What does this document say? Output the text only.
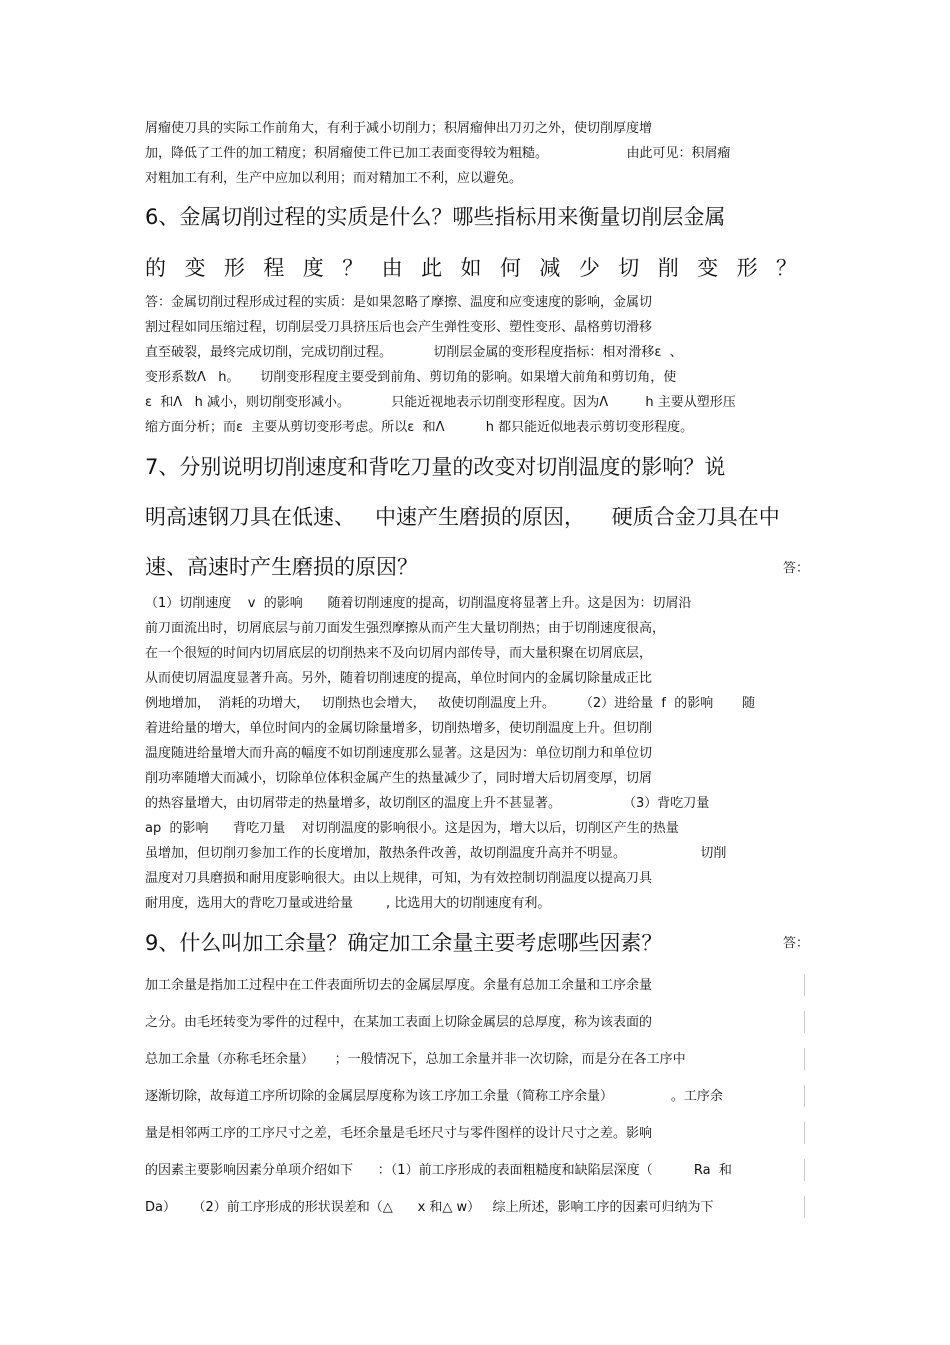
屑瘤使刀具的实际工作前角大，有利于减小切削力；积屑瘤伸出刀刃之外，使切削厚度增
加，降低了工件的加工精度；积屑瘤使工件已加工表面变得较为粗糙。                   由此可见：积屑瘤
对粗加工有利，生产中应加以利用；而对精加工不利，应以避免。
6、金属切削过程的实质是什么？哪些指标用来衡量切削层金属
的 变 形 程 度 ？ 由 此 如 何 减 少 切 削 变 形 ？
答：金属切削过程形成过程的实质：是如果忽略了摩擦、温度和应变速度的影响，金属切
割过程如同压缩过程，切削层受刀具挤压后也会产生弹性变形、塑性变形、晶格剪切滑移
直至破裂，最终完成切削，完成切削过程。          切削层金属的变形程度指标：相对滑移ε  、
变形系数Λ   h。     切削变形程度主要受到前角、剪切角的影响。如果增大前角和剪切角，使
ε  和Λ   h 减小，则切削变形减小。          只能近视地表示切削变形程度。因为Λ         h 主要从塑形压
缩方面分析；而ε  主要从剪切变形考虑。所以ε  和Λ          h 都只能近似地表示剪切变形程度。
7、分别说明切削速度和背吃刀量的改变对切削温度的影响？说
明高速钢刀具在低速、   中速产生磨损的原因，    硬质合金刀具在中
速、高速时产生磨损的原因？	答：
（1）切削速度    v  的影响      随着切削速度的提高，切削温度将显著上升。这是因为：切屑沿
前刀面流出时，切屑底层与前刀面发生强烈摩擦从而产生大量切削热；由于切削速度很高，
在一个很短的时间内切屑底层的切削热来不及向切屑内部传导，而大量积聚在切屑底层，
从而使切屑温度显著升高。另外，随着切削速度的提高，单位时间内的金属切除量成正比
例地增加，  消耗的功增大，   切削热也会增大，   故使切削温度上升。      （2）进给量  f  的影响       随
着进给量的增大，单位时间内的金属切除量增多，切削热增多，使切削温度上升。但切削
温度随进给量增大而升高的幅度不如切削速度那么显著。这是因为：单位切削力和单位切
削功率随增大而减小，切除单位体积金属产生的热量减少了，同时增大后切屑变厚，切屑
的热容量增大，由切屑带走的热量增多，故切削区的温度上升不甚显著。               （3）背吃刀量
ap  的影响      背吃刀量    对切削温度的影响很小。这是因为，增大以后，切削区产生的热量
虽增加，但切削刃参加工作的长度增加，散热条件改善，故切削温度升高并不明显。                  切削
温度对刀具磨损和耐用度影响很大。由以上规律，可知，为有效控制切削温度以提高刀具
耐用度，选用大的背吃刀量或进给量        , 比选用大的切削速度有利。
9、什么叫加工余量？确定加工余量主要考虑哪些因素？	答：
加工余量是指加工过程中在工件表面所切去的金属层厚度。余量有总加工余量和工序余量
之分。由毛坯转变为零件的过程中，在某加工表面上切除金属层的总厚度，称为该表面的
总加工余量（亦称毛坯余量）     ；一般情况下，总加工余量并非一次切除，而是分在各工序中
逐渐切除，故每道工序所切除的金属层厚度称为该工序加工余量（简称工序余量）              。工序余
量是相邻两工序的工序尺寸之差，毛坯余量是毛坯尺寸与零件图样的设计尺寸之差。影响
的因素主要影响因素分单项介绍如下      ：（1）前工序形成的表面粗糙度和缺陷层深度（          Ra  和
Da）    （2）前工序形成的形状误差和（△      x 和△ w）   综上所述，影响工序的因素可归纳为下
